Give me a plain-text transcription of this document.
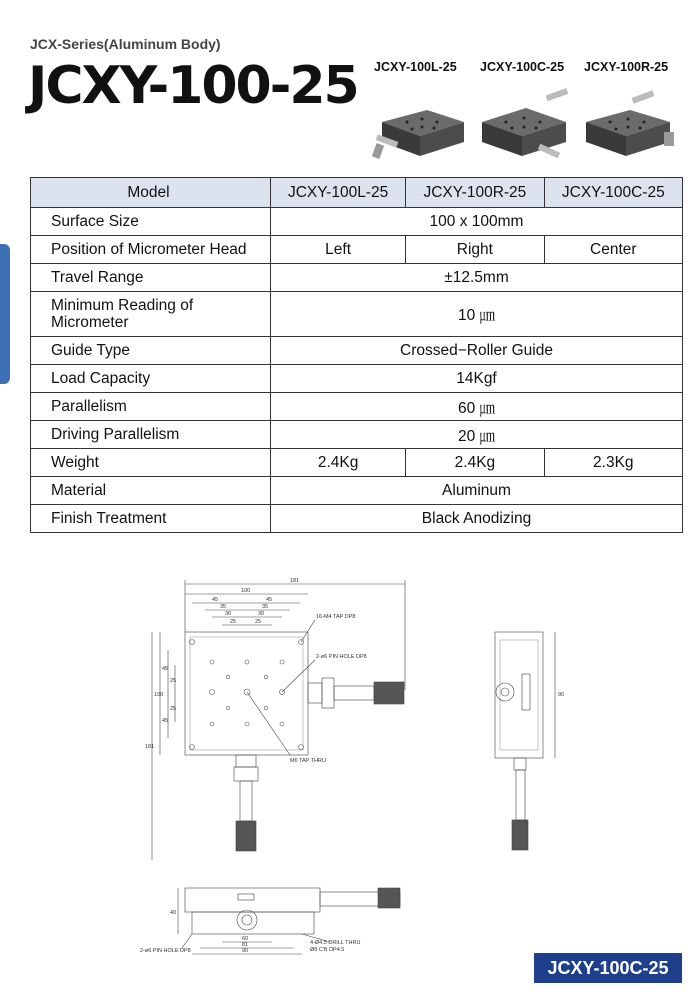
JCX-Series(Aluminum Body)
JCXY-100-25 JCXY-100L-25 JCXY-100C-25 JCXY-100R-25
Model	JCXY-100L-25	JCXY-100R-25	JCXY-100C-25
Surface Size	100 x 100mm		
Position of Micrometer Head	Left	Right	Center
Travel Range	±12.5mm		
Minimum Reading of
Micrometer	10 ㎛		
Guide Type	Crossed−Roller Guide		
Load Capacity	14Kgf		
Parallelism	60 ㎛		
Driving Parallelism	20 ㎛		
Weight	2.4Kg	2.4Kg	2.3Kg
Material	Aluminum		
Finish Treatment	Black Anodizing		
181
100
45	45
35	35
30	30
25	25
181
100
45
25
25
45
90
40
60
81
90
16-M4 TAP DP8
2-ø6 PIN HOLE DP8
M6 TAP THRU
2-ø6 PIN HOLE DP8
4-Ø4.5 DRILL THRU
Ø8 C'B DP4.5
JCXY-100C-25
